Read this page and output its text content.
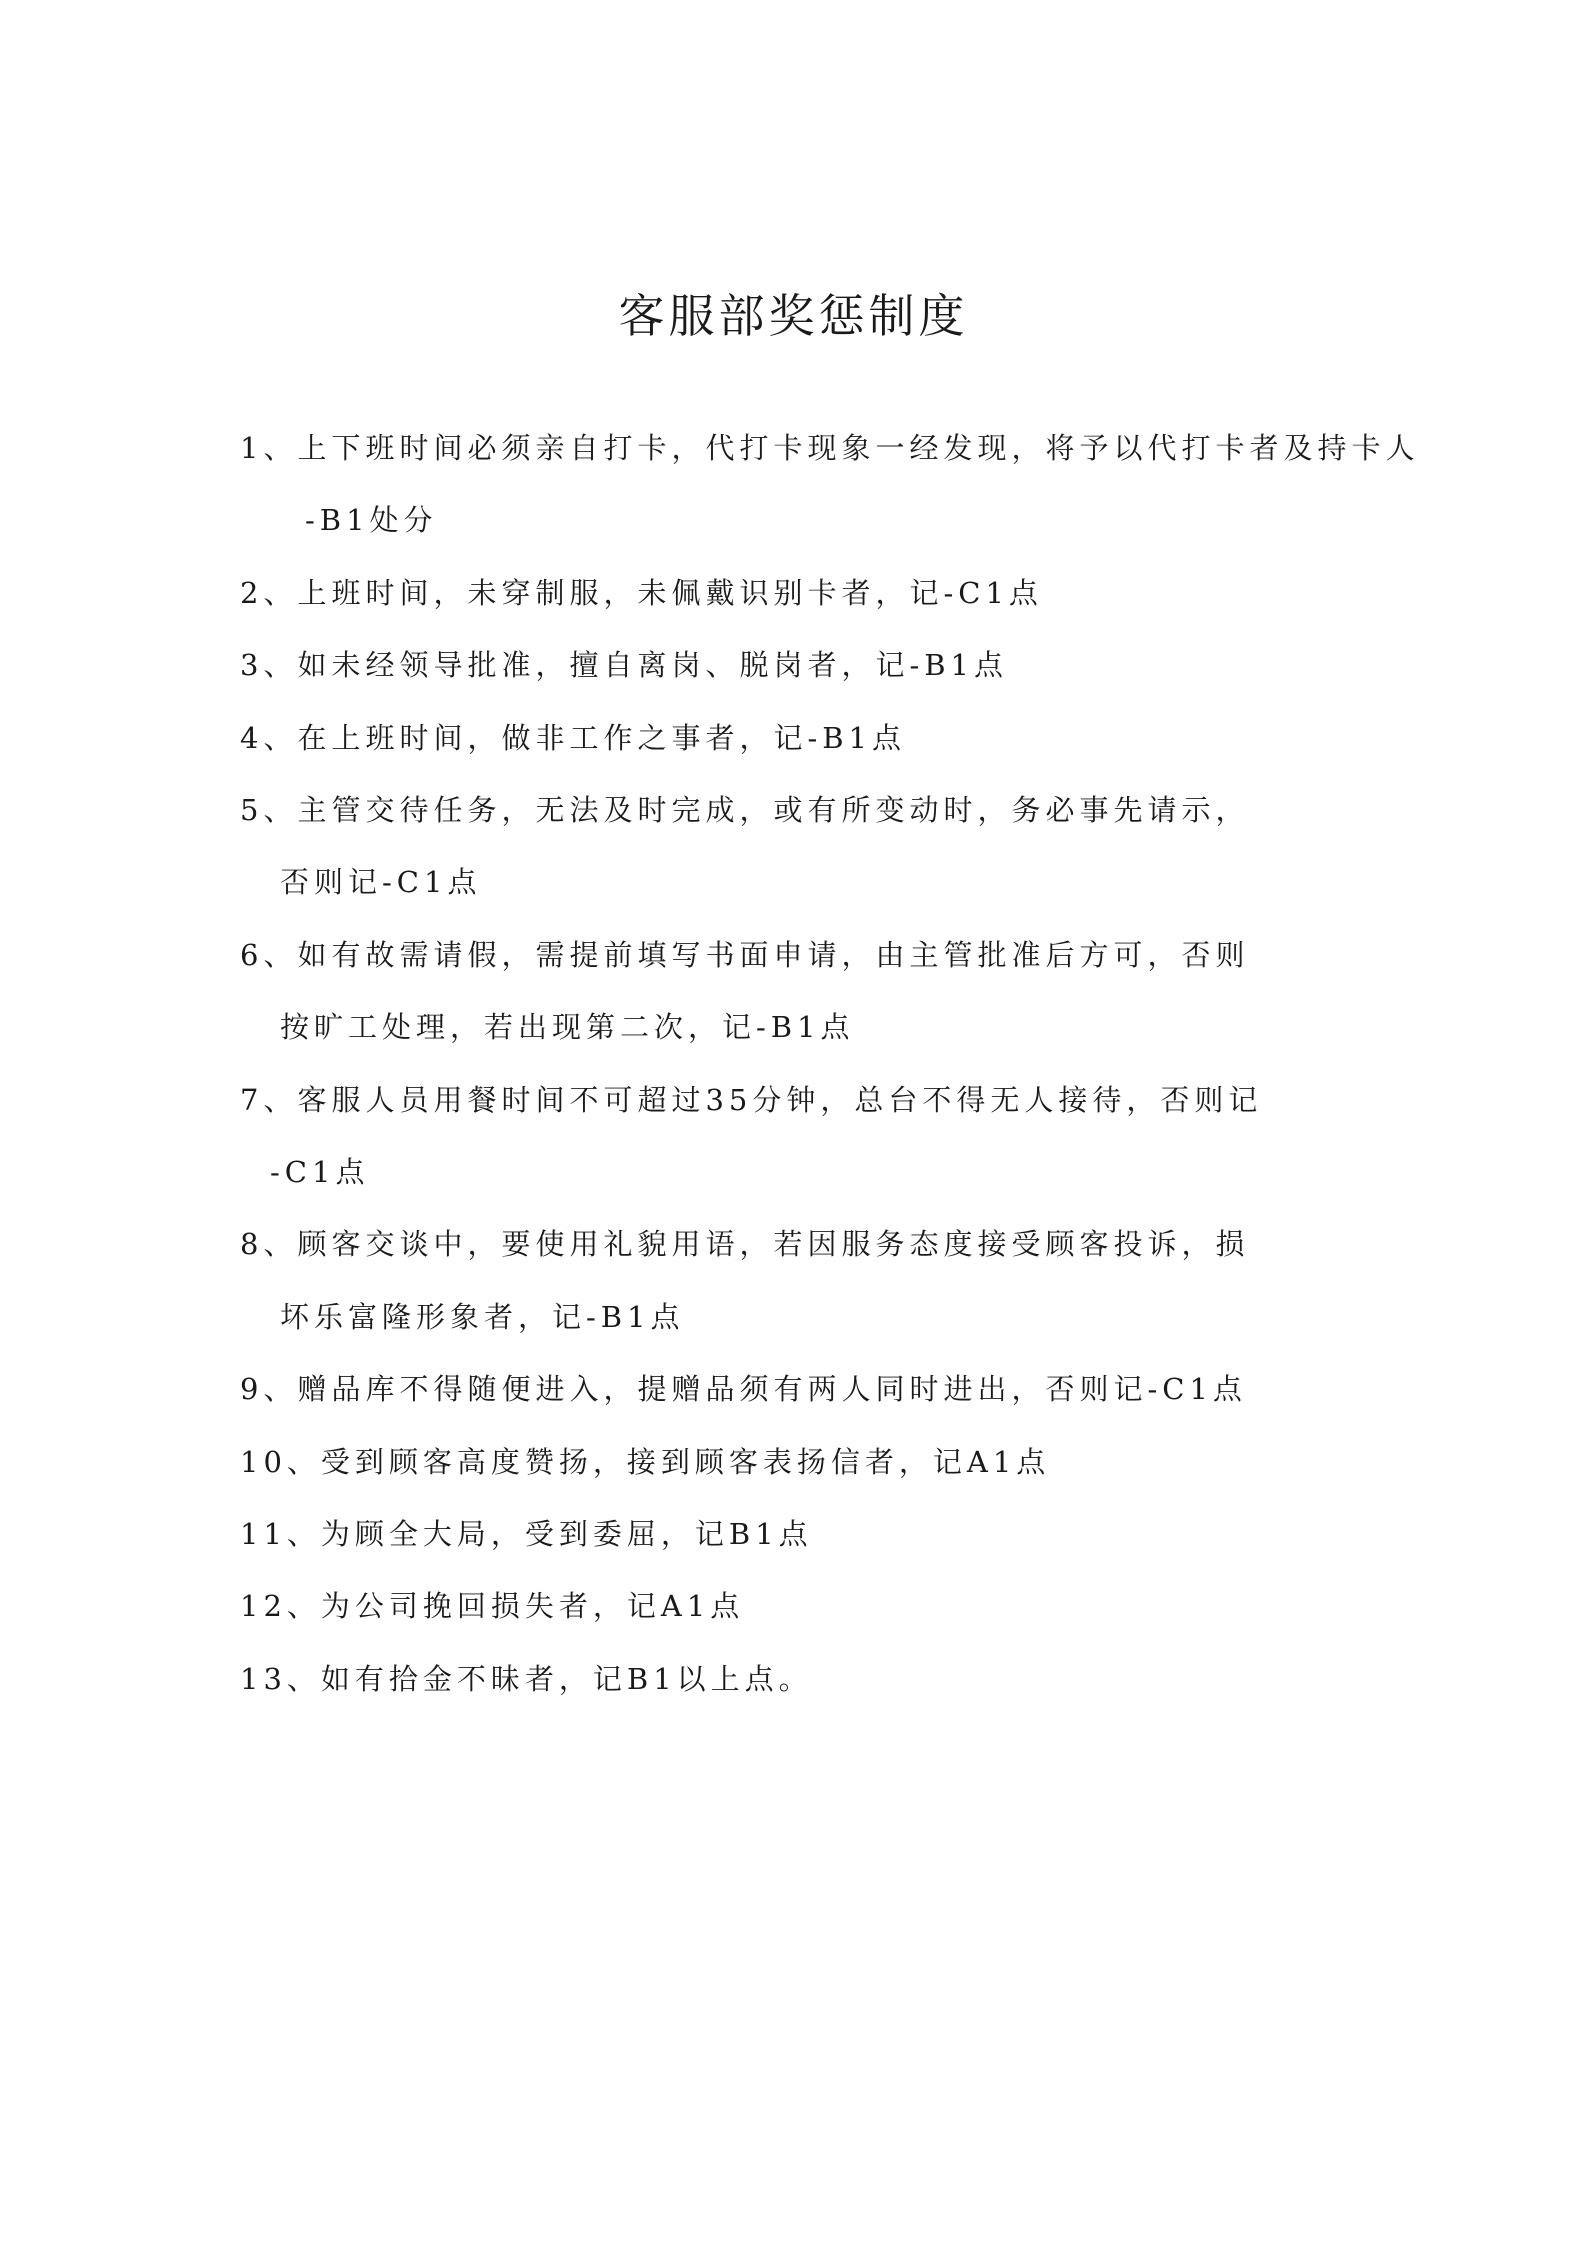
客服部奖惩制度
1、上下班时间必须亲自打卡，代打卡现象一经发现，将予以代打卡者及持卡人
-B1处分
2、上班时间，未穿制服，未佩戴识别卡者，记-C1点
3、如未经领导批准，擅自离岗、脱岗者，记-B1点
4、在上班时间，做非工作之事者，记-B1点
5、主管交待任务，无法及时完成，或有所变动时，务必事先请示，
否则记-C1点
6、如有故需请假，需提前填写书面申请，由主管批准后方可，否则
按旷工处理，若出现第二次，记-B1点
7、客服人员用餐时间不可超过35分钟，总台不得无人接待，否则记
-C1点
8、顾客交谈中，要使用礼貌用语，若因服务态度接受顾客投诉，损
坏乐富隆形象者，记-B1点
9、赠品库不得随便进入，提赠品须有两人同时进出，否则记-C1点
10、受到顾客高度赞扬，接到顾客表扬信者，记A1点
11、为顾全大局，受到委屈，记B1点
12、为公司挽回损失者，记A1点
13、如有拾金不昧者，记B1以上点。
